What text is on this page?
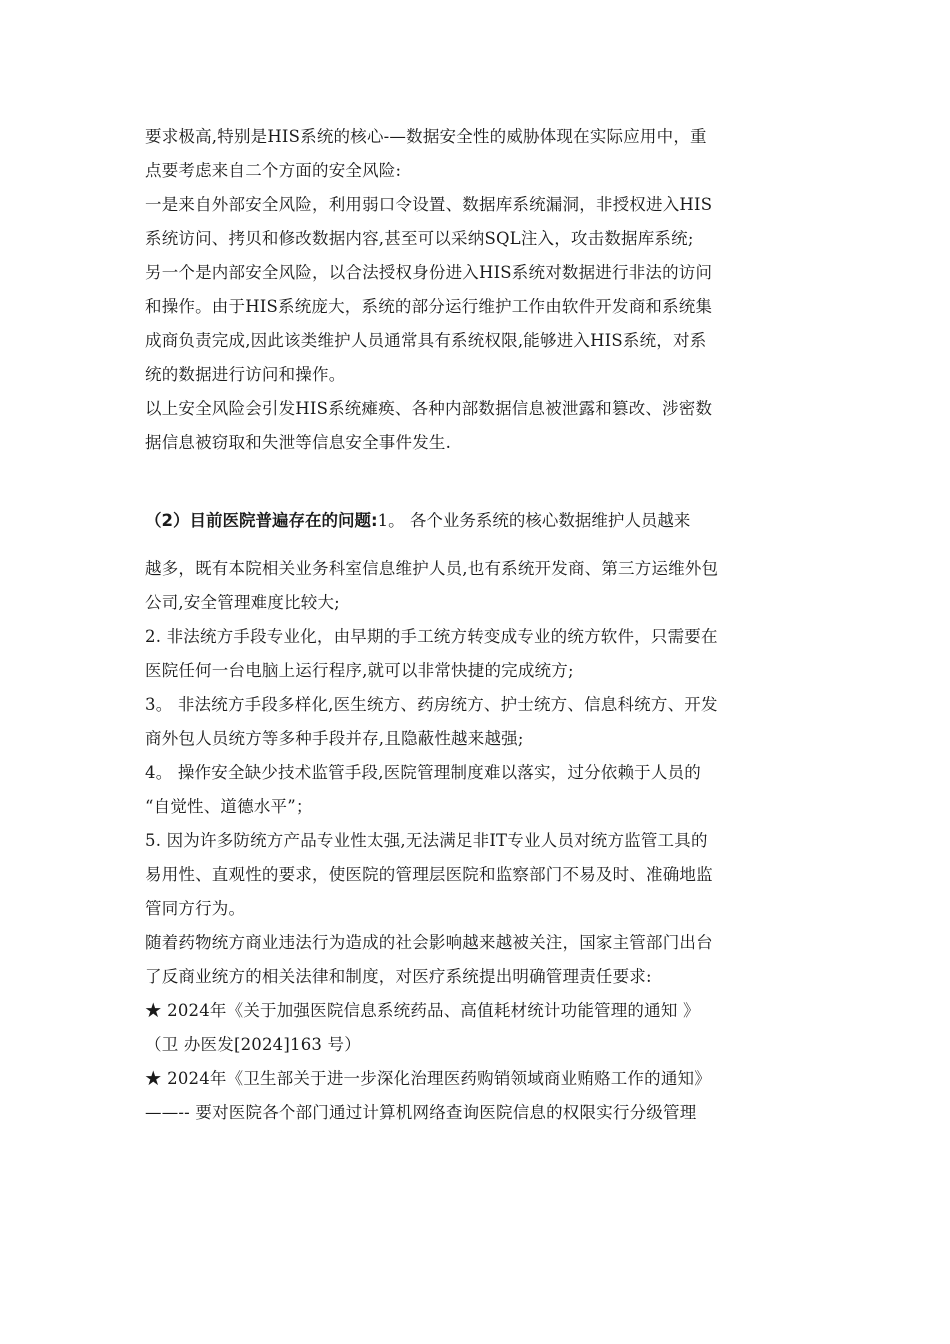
要求极高,特别是HIS系统的核心-—数据安全性的威胁体现在实际应用中，重
点要考虑来自二个方面的安全风险:
一是来自外部安全风险，利用弱口令设置、数据库系统漏洞，非授权进入HIS
系统访问、拷贝和修改数据内容,甚至可以采纳SQL注入，攻击数据库系统;
另一个是内部安全风险，以合法授权身份进入HIS系统对数据进行非法的访问
和操作。由于HIS系统庞大，系统的部分运行维护工作由软件开发商和系统集
成商负责完成,因此该类维护人员通常具有系统权限,能够进入HIS系统，对系
统的数据进行访问和操作。
以上安全风险会引发HIS系统瘫痪、各种内部数据信息被泄露和篡改、涉密数
据信息被窃取和失泄等信息安全事件发生.
（2）目前医院普遍存在的问题:1。 各个业务系统的核心数据维护人员越来
越多，既有本院相关业务科室信息维护人员,也有系统开发商、第三方运维外包
公司,安全管理难度比较大;
2. 非法统方手段专业化，由早期的手工统方转变成专业的统方软件，只需要在
医院任何一台电脑上运行程序,就可以非常快捷的完成统方;
3。 非法统方手段多样化,医生统方、药房统方、护士统方、信息科统方、开发
商外包人员统方等多种手段并存,且隐蔽性越来越强;
4。 操作安全缺少技术监管手段,医院管理制度难以落实，过分依赖于人员的
“自觉性、道德水平”；
5. 因为许多防统方产品专业性太强,无法满足非IT专业人员对统方监管工具的
易用性、直观性的要求，使医院的管理层医院和监察部门不易及时、准确地监
管同方行为。
随着药物统方商业违法行为造成的社会影响越来越被关注，国家主管部门出台
了反商业统方的相关法律和制度，对医疗系统提出明确管理责任要求:
★ 2024年《关于加强医院信息系统药品、高值耗材统计功能管理的通知 》
（卫 办医发[2024]163 号）
★ 2024年《卫生部关于进一步深化治理医药购销领域商业贿赂工作的通知》
——-- 要对医院各个部门通过计算机网络查询医院信息的权限实行分级管理
